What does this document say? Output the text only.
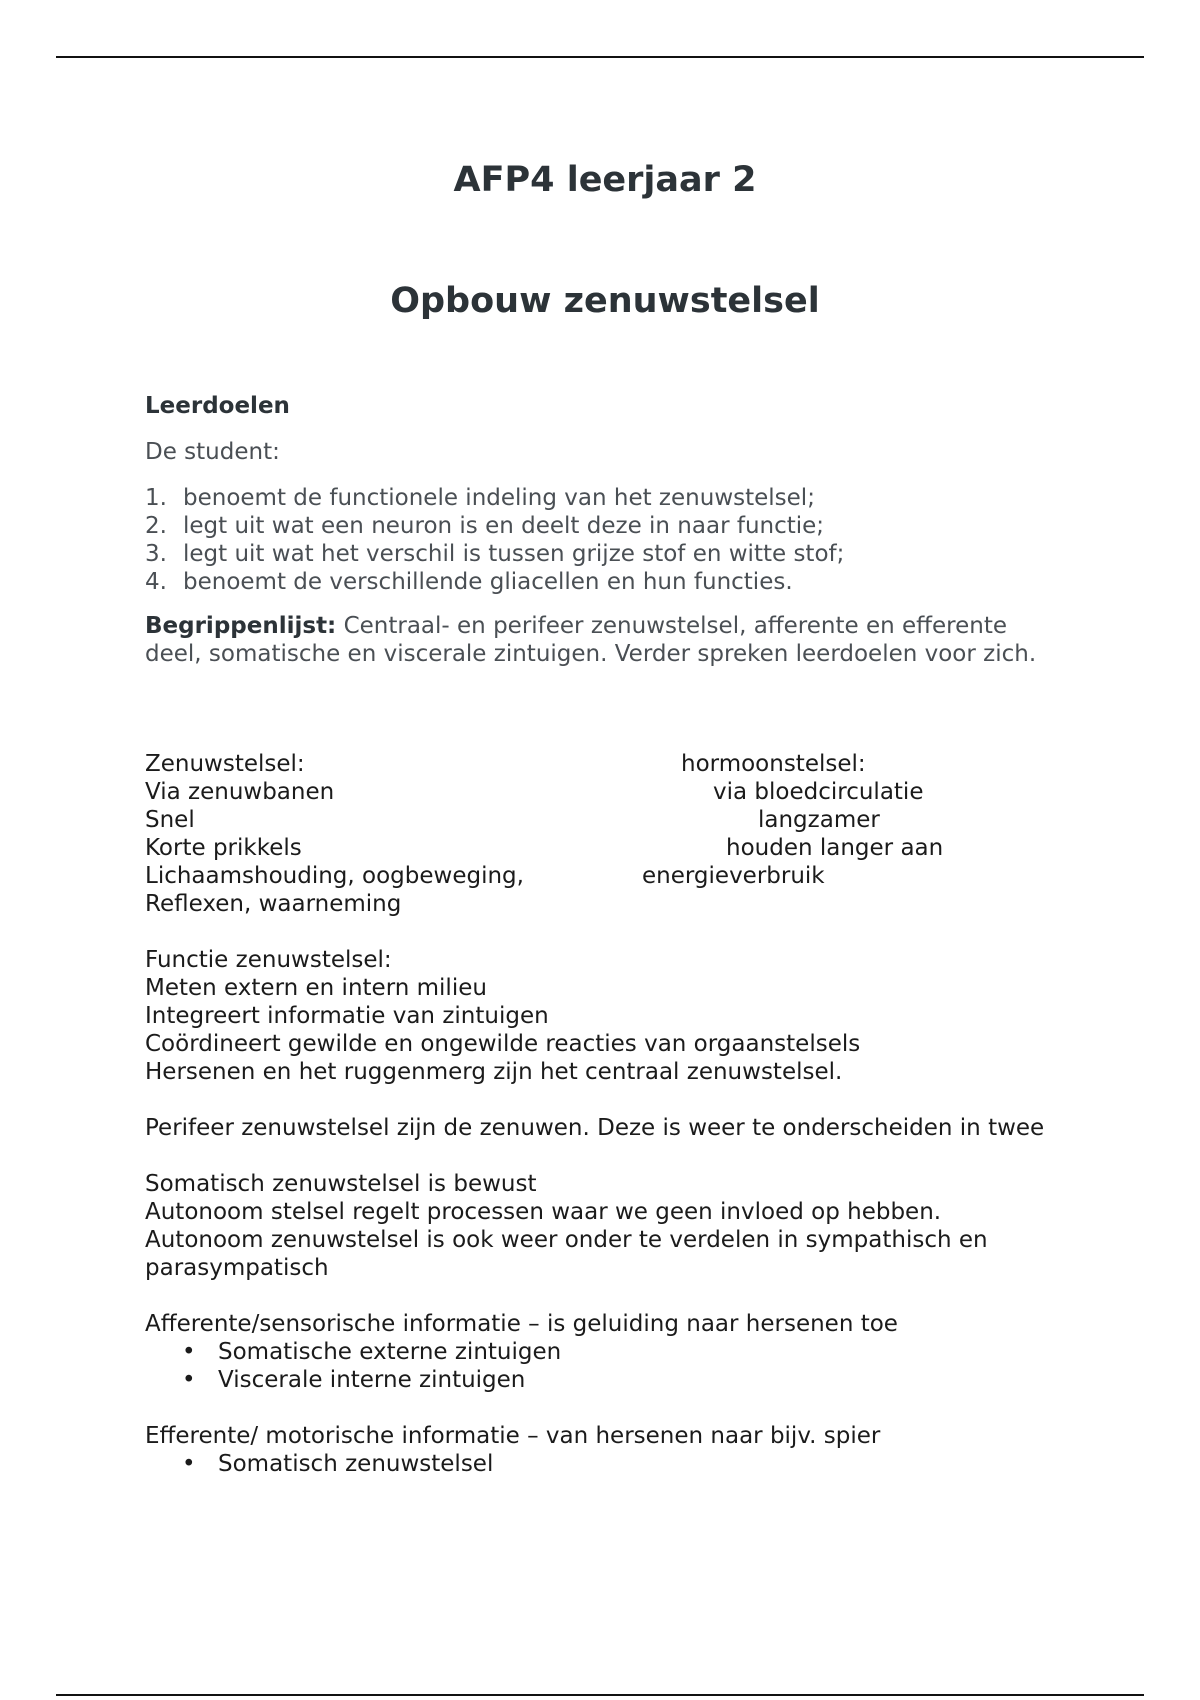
AFP4 leerjaar 2
Opbouw zenuwstelsel

Leerdoelen

De student:

1. benoemt de functionele indeling van het zenuwstelsel;
2. legt uit wat een neuron is en deelt deze in naar functie;
3. legt uit wat het verschil is tussen grijze stof en witte stof;
4. benoemt de verschillende gliacellen en hun functies.

Begrippenlijst: Centraal- en perifeer zenuwstelsel, afferente en efferente deel, somatische en viscerale zintuigen. Verder spreken leerdoelen voor zich.

Zenuwstelsel:	hormoonstelsel:
Via zenuwbanen	via bloedcirculatie
Snel	langzamer
Korte prikkels	houden langer aan
Lichaamshouding, oogbeweging,	energieverbruik
Reflexen, waarneming

Functie zenuwstelsel:

Meten extern en intern milieu

Integreert informatie van zintuigen

Coördineert gewilde en ongewilde reacties van orgaanstelsels

Hersenen en het ruggenmerg zijn het centraal zenuwstelsel.

Perifeer zenuwstelsel zijn de zenuwen. Deze is weer te onderscheiden in twee

Somatisch zenuwstelsel is bewust

Autonoom stelsel regelt processen waar we geen invloed op hebben.

Autonoom zenuwstelsel is ook weer onder te verdelen in sympathisch en parasympatisch

Afferente/sensorische informatie – is geluiding naar hersenen toe

• Somatische externe zintuigen
• Viscerale interne zintuigen

Efferente/ motorische informatie – van hersenen naar bijv. spier

• Somatisch zenuwstelsel
